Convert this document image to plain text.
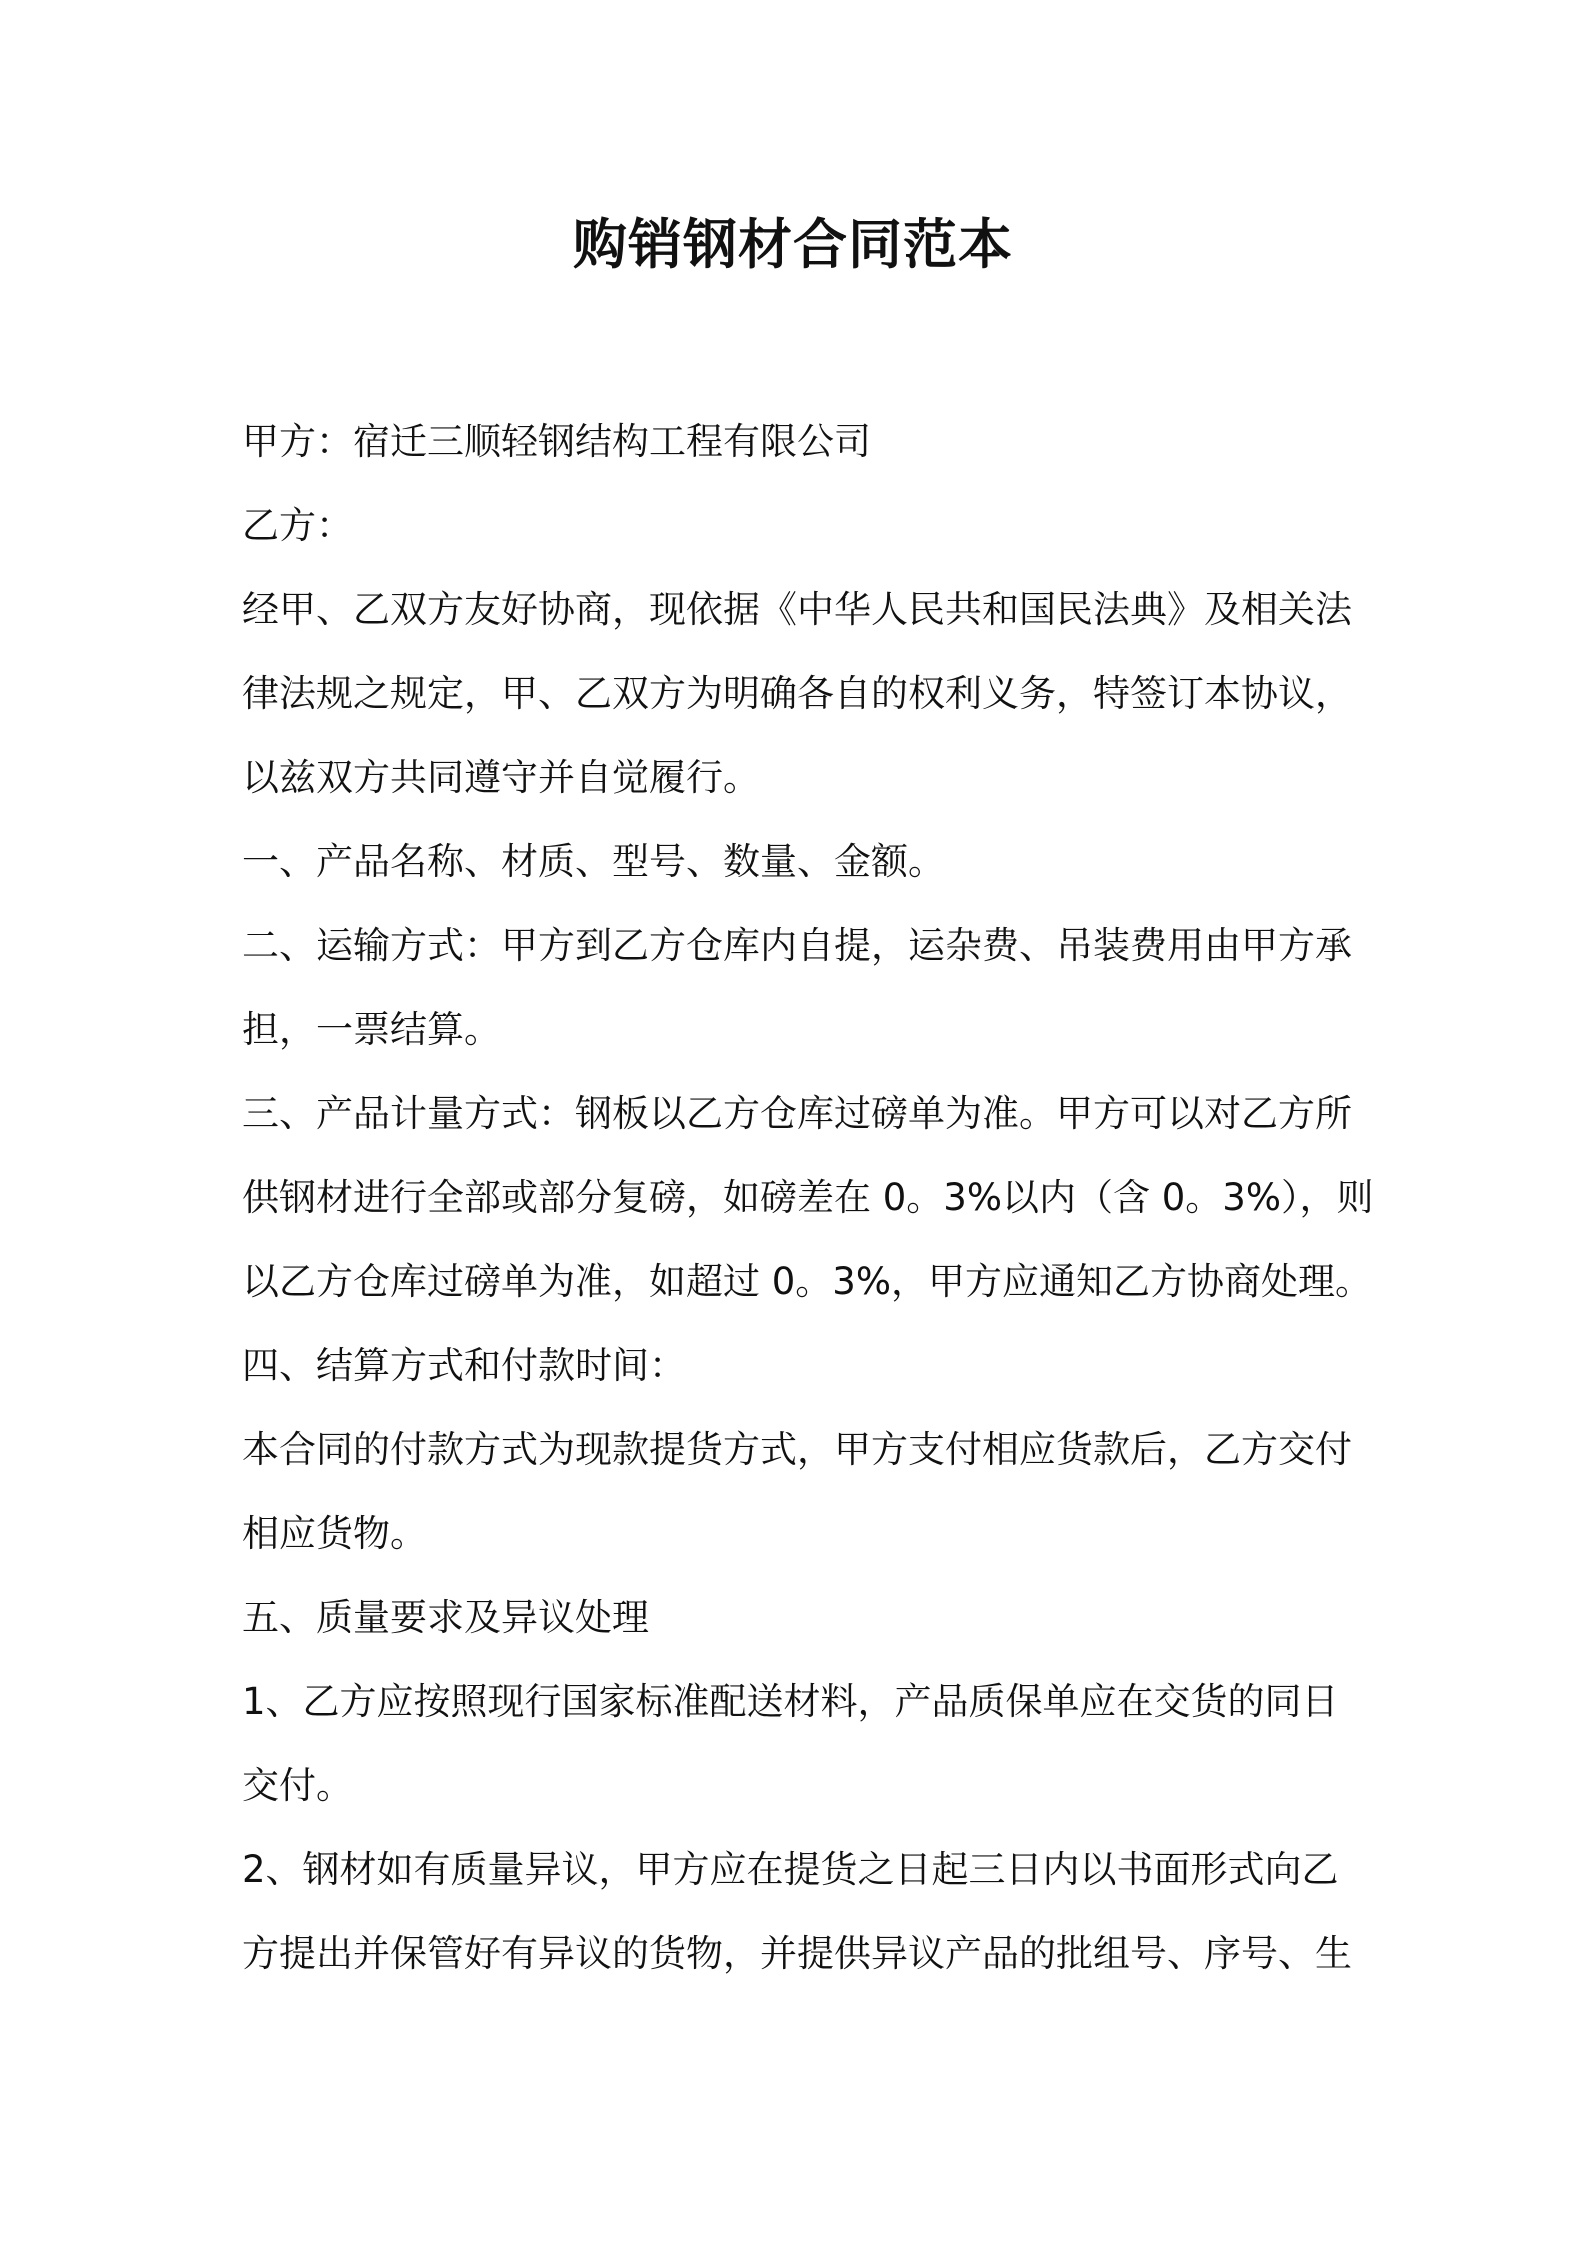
购销钢材合同范本
甲方：宿迁三顺轻钢结构工程有限公司
乙方：
经甲、乙双方友好协商，现依据《中华人民共和国民法典》及相关法
律法规之规定，甲、乙双方为明确各自的权利义务，特签订本协议，
以兹双方共同遵守并自觉履行。
一、产品名称、材质、型号、数量、金额。
二、运输方式：甲方到乙方仓库内自提，运杂费、吊装费用由甲方承
担，一票结算。
三、产品计量方式：钢板以乙方仓库过磅单为准。甲方可以对乙方所
供钢材进行全部或部分复磅，如磅差在 0。3%以内（含 0。3%），则
以乙方仓库过磅单为准，如超过 0。3%，甲方应通知乙方协商处理。
四、结算方式和付款时间：
本合同的付款方式为现款提货方式，甲方支付相应货款后，乙方交付
相应货物。
五、质量要求及异议处理
1、乙方应按照现行国家标准配送材料，产品质保单应在交货的同日
交付。
2、钢材如有质量异议，甲方应在提货之日起三日内以书面形式向乙
方提出并保管好有异议的货物，并提供异议产品的批组号、序号、生
